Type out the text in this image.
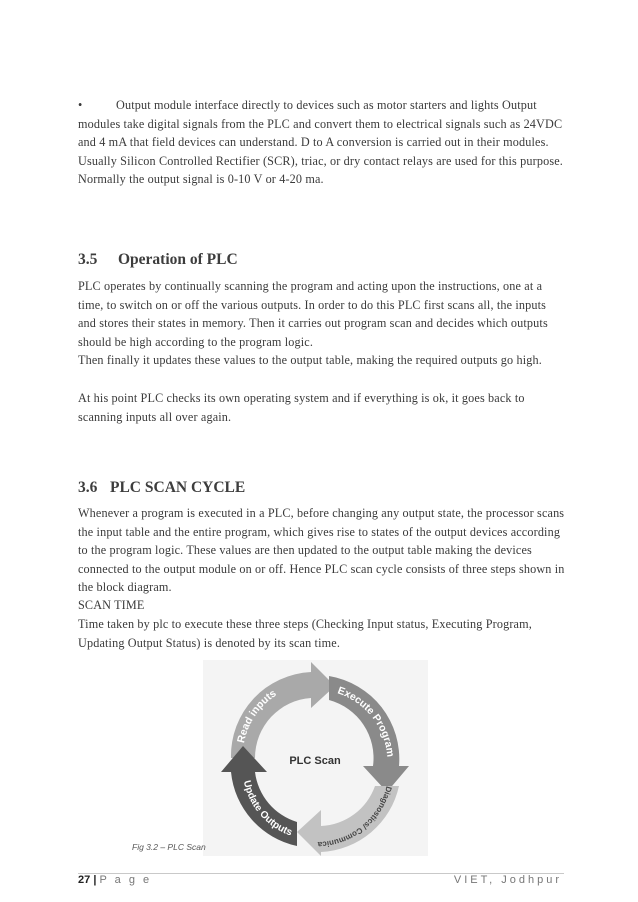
•	Output module interface directly to devices such as motor starters and lights Output modules take digital signals from the PLC and convert them to electrical signals such as 24VDC and 4 mA that field devices can understand. D to A conversion is carried out in their modules. Usually Silicon Controlled Rectifier (SCR), triac, or dry contact relays are used for this purpose. Normally the output signal is 0-10 V or 4-20 ma.

3.5 Operation of PLC

PLC operates by continually scanning the program and acting upon the instructions, one at a time, to switch on or off the various outputs. In order to do this PLC first scans all, the inputs and stores their states in memory. Then it carries out program scan and decides which outputs should be high according to the program logic.

Then finally it updates these values to the output table, making the required outputs go high.

At his point PLC checks its own operating system and if everything is ok, it goes back to scanning inputs all over again.

3.6 PLC SCAN CYCLE

Whenever a program is executed in a PLC, before changing any output state, the processor scans the input table and the entire program, which gives rise to states of the output devices according to the program logic. These values are then updated to the output table making the devices connected to the output module on or off. Hence PLC scan cycle consists of three steps shown in the block diagram.

SCAN TIME

Time taken by plc to execute these three steps (Checking Input status, Executing Program, Updating Output Status) is denoted by its scan time.

Read inputs	Execute Program
Diagnostics/ Communica
Update Outputs
PLC Scan
Fig 3.2 – PLC Scan
27 | P a g e	VIET, Jodhpur
